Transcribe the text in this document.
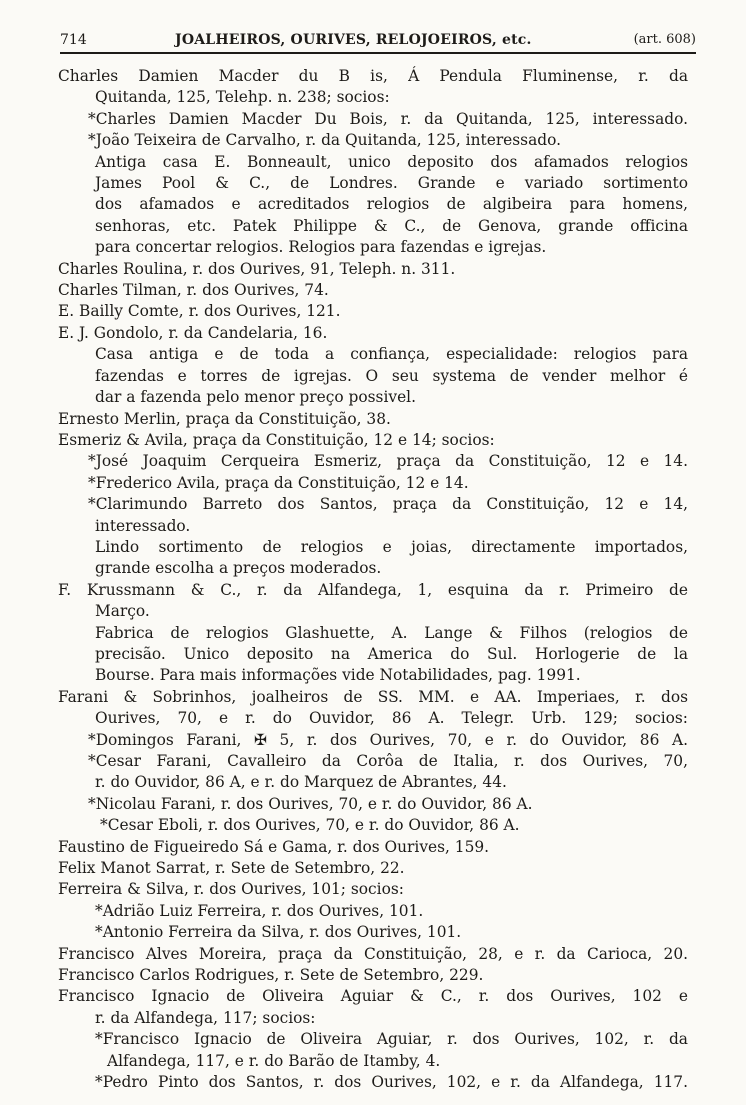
714	JOALHEIROS, OURIVES, RELOJOEIROS, etc.	(art. 608)
Charles Damien Macder du B is, Á Pendula Fluminense, r. da
Quitanda, 125, Telehp. n. 238; socios:
*Charles Damien Macder Du Bois, r. da Quitanda, 125, interessado.
*João Teixeira de Carvalho, r. da Quitanda, 125, interessado.
Antiga casa E. Bonneault, unico deposito dos afamados relogios
James Pool & C., de Londres. Grande e variado sortimento
dos afamados e acreditados relogios de algibeira para homens,
senhoras, etc. Patek Philippe & C., de Genova, grande officina
para concertar relogios. Relogios para fazendas e igrejas.
Charles Roulina, r. dos Ourives, 91, Teleph. n. 311.
Charles Tilman, r. dos Ourives, 74.
E. Bailly Comte, r. dos Ourives, 121.
E. J. Gondolo, r. da Candelaria, 16.
Casa antiga e de toda a confiança, especialidade: relogios para
fazendas e torres de igrejas. O seu systema de vender melhor é
dar a fazenda pelo menor preço possivel.
Ernesto Merlin, praça da Constituição, 38.
Esmeriz & Avila, praça da Constituição, 12 e 14; socios:
*José Joaquim Cerqueira Esmeriz, praça da Constituição, 12 e 14.
*Frederico Avila, praça da Constituição, 12 e 14.
*Clarimundo Barreto dos Santos, praça da Constituição, 12 e 14,
interessado.
Lindo sortimento de relogios e joias, directamente importados,
grande escolha a preços moderados.
F. Krussmann & C., r. da Alfandega, 1, esquina da r. Primeiro de
Março.
Fabrica de relogios Glashuette, A. Lange & Filhos (relogios de
precisão. Unico deposito na America do Sul. Horlogerie de la
Bourse. Para mais informações vide Notabilidades, pag. 1991.
Farani & Sobrinhos, joalheiros de SS. MM. e AA. Imperiaes, r. dos
Ourives, 70, e r. do Ouvidor, 86 A. Telegr. Urb. 129; socios:
*Domingos Farani, ✠ 5, r. dos Ourives, 70, e r. do Ouvidor, 86 A.
*Cesar Farani, Cavalleiro da Corôa de Italia, r. dos Ourives, 70,
r. do Ouvidor, 86 A, e r. do Marquez de Abrantes, 44.
*Nicolau Farani, r. dos Ourives, 70, e r. do Ouvidor, 86 A.
*Cesar Eboli, r. dos Ourives, 70, e r. do Ouvidor, 86 A.
Faustino de Figueiredo Sá e Gama, r. dos Ourives, 159.
Felix Manot Sarrat, r. Sete de Setembro, 22.
Ferreira & Silva, r. dos Ourives, 101; socios:
*Adrião Luiz Ferreira, r. dos Ourives, 101.
*Antonio Ferreira da Silva, r. dos Ourives, 101.
Francisco Alves Moreira, praça da Constituição, 28, e r. da Carioca, 20.
Francisco Carlos Rodrigues, r. Sete de Setembro, 229.
Francisco Ignacio de Oliveira Aguiar & C., r. dos Ourives, 102 e
r. da Alfandega, 117; socios:
*Francisco Ignacio de Oliveira Aguiar, r. dos Ourives, 102, r. da
Alfandega, 117, e r. do Barão de Itamby, 4.
*Pedro Pinto dos Santos, r. dos Ourives, 102, e r. da Alfandega, 117.
